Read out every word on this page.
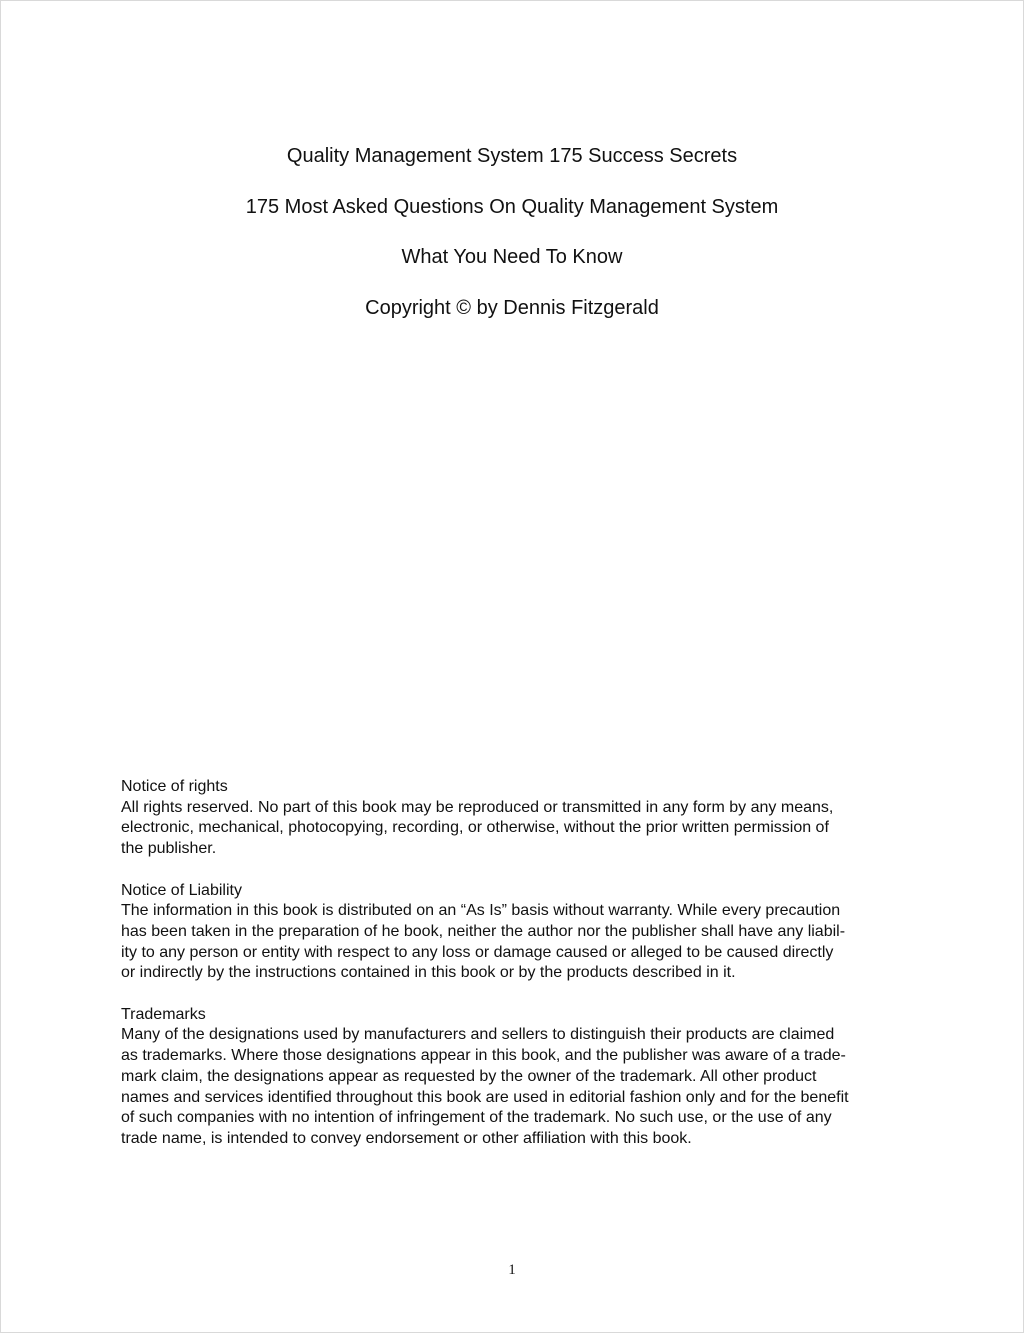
Quality Management System 175 Success Secrets
175 Most Asked Questions On Quality Management System
What You Need To Know
Copyright © by Dennis Fitzgerald
Notice of rights
All rights reserved. No part of this book may be reproduced or transmitted in any form by any means,
electronic, mechanical, photocopying, recording, or otherwise, without the prior written permission of
the publisher.
Notice of Liability
The information in this book is distributed on an “As Is” basis without warranty. While every precaution
has been taken in the preparation of he book, neither the author nor the publisher shall have any liabil-
ity to any person or entity with respect to any loss or damage caused or alleged to be caused directly
or indirectly by the instructions contained in this book or by the products described in it.
Trademarks
Many of the designations used by manufacturers and sellers to distinguish their products are claimed
as trademarks. Where those designations appear in this book, and the publisher was aware of a trade-
mark claim, the designations appear as requested by the owner of the trademark. All other product
names and services identified throughout this book are used in editorial fashion only and for the benefit
of such companies with no intention of infringement of the trademark. No such use, or the use of any
trade name, is intended to convey endorsement or other affiliation with this book.
1
